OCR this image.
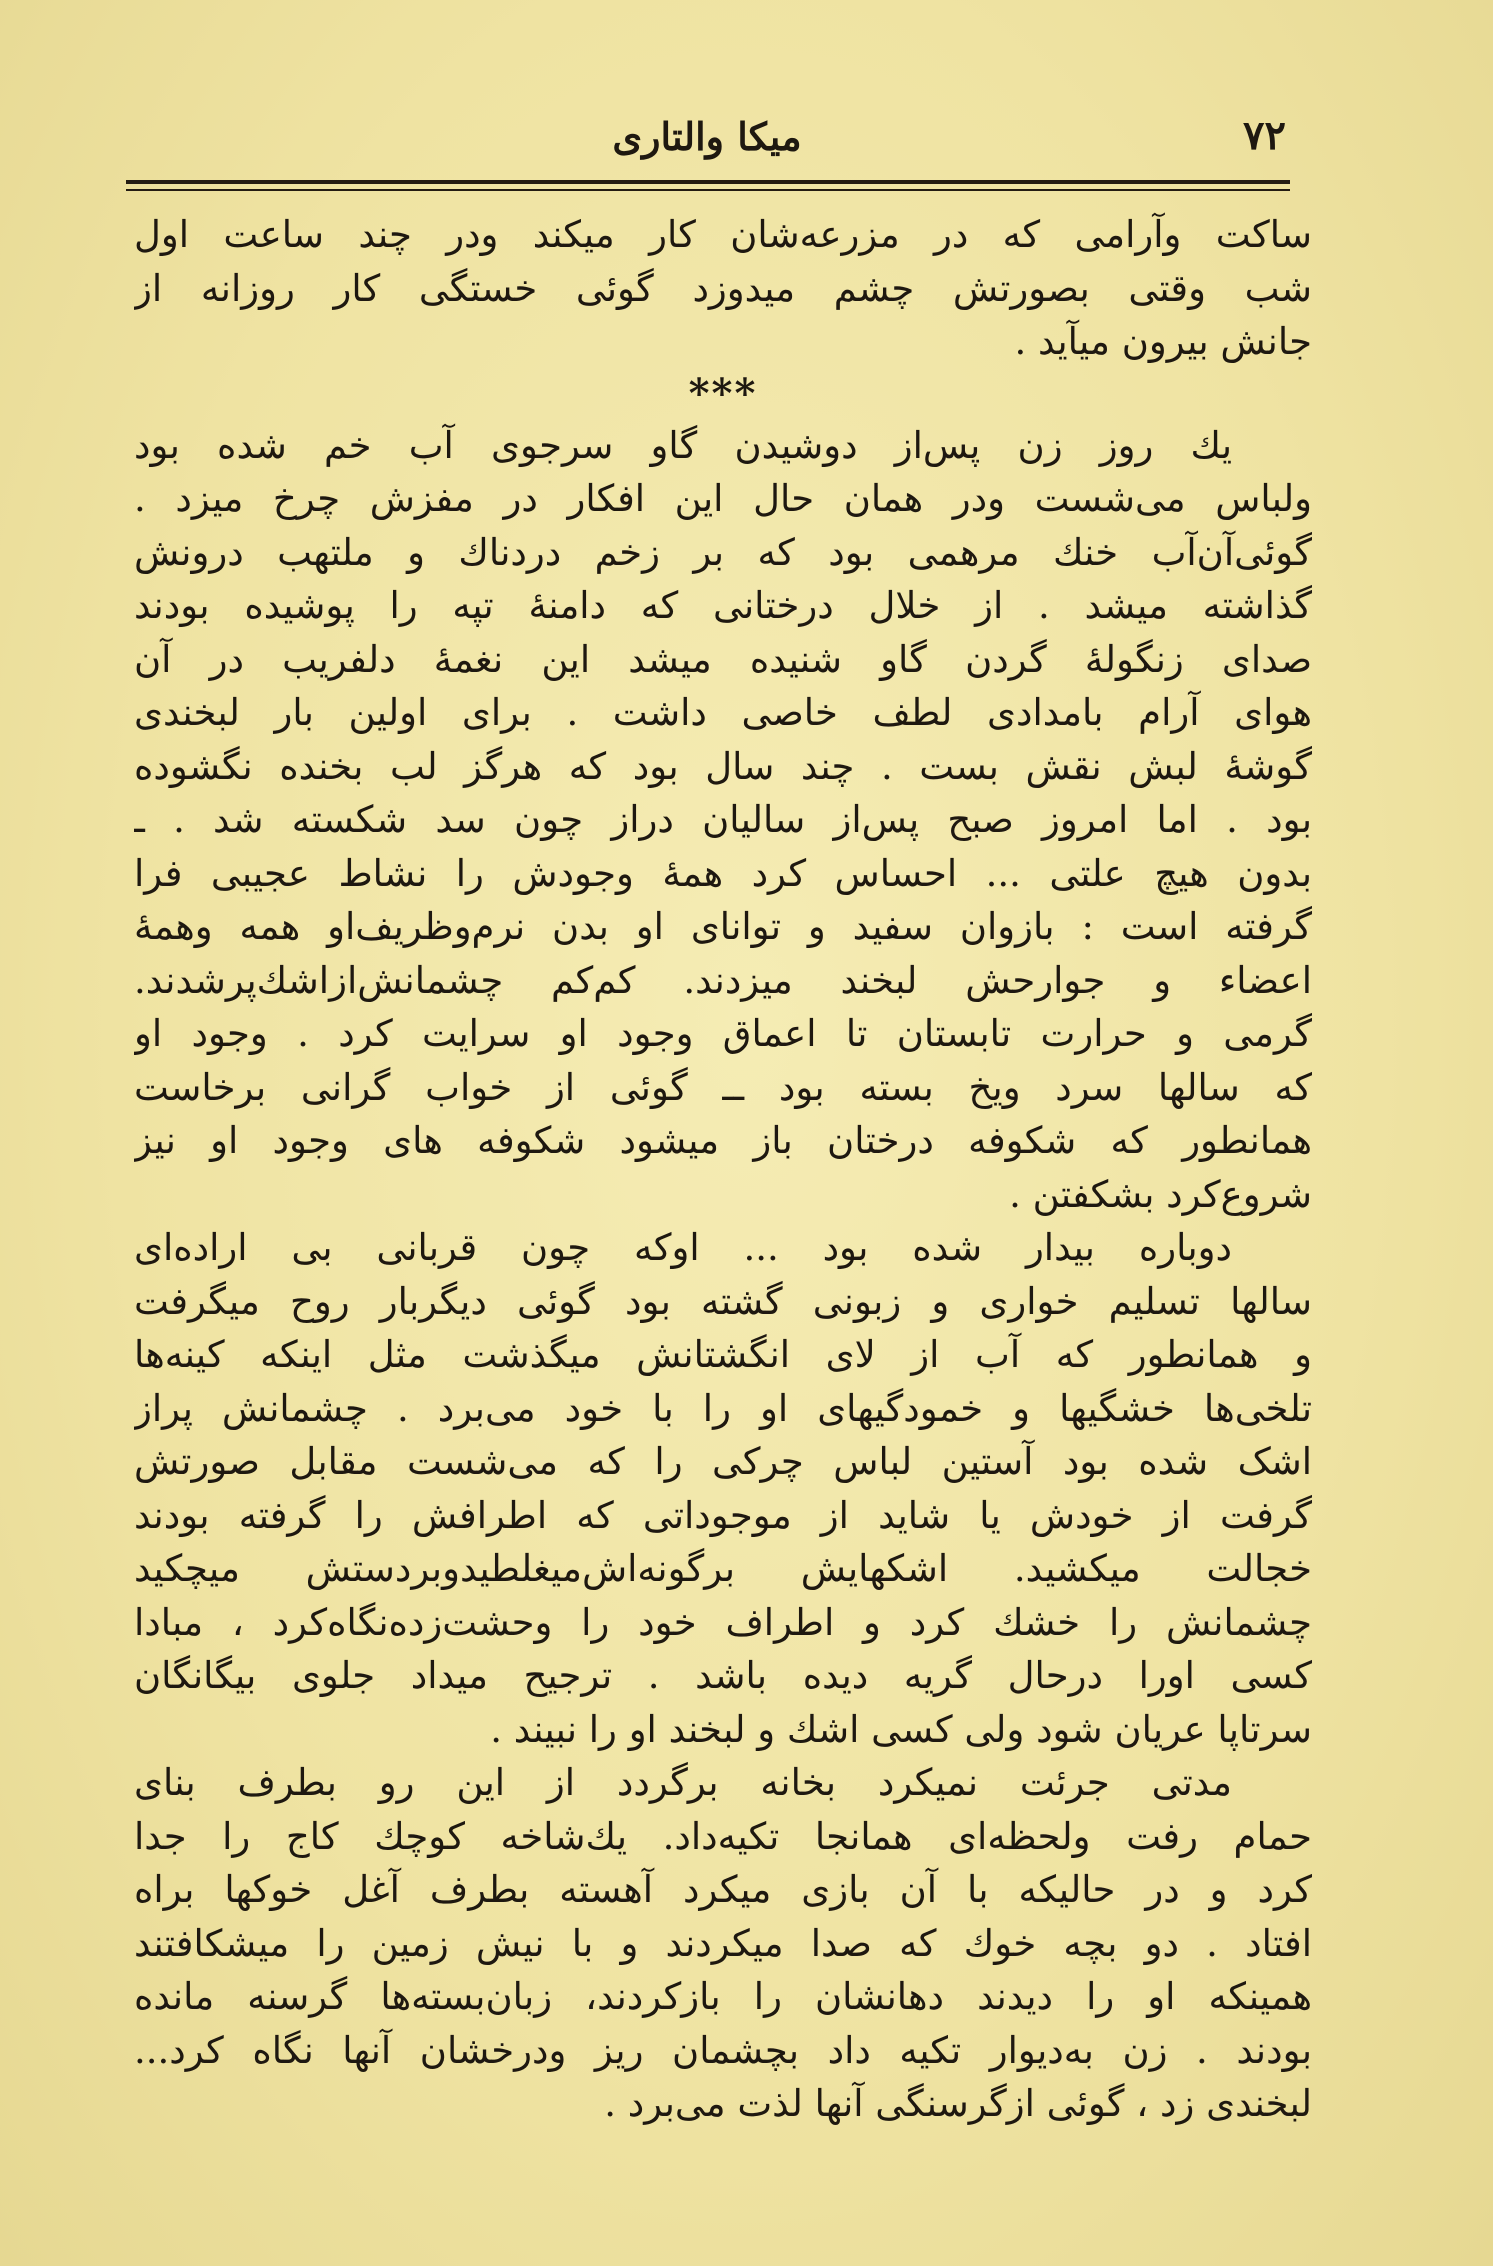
۷۲
میکا والتاری
ساکت وآرامی که در مزرعه‌شان کار میکند ودر چند ساعت اول
شب وقتی بصورتش چشم میدوزد گوئی خستگی کار روزانه از
جانش بیرون میآید .
***
یك روز زن پس‌از دوشیدن گاو سرجوی آب خم شده بود
ولباس می‌شست ودر همان حال این افکار در مفزش چرخ میزد .
گوئی‌آن‌آب خنك مرهمی بود که بر زخم دردناك و ملتهب درونش
گذاشته میشد . از خلال درختانی که دامنهٔ تپه را پوشیده بودند
صدای زنگولهٔ گردن گاو شنیده میشد این نغمهٔ دلفریب در آن
هوای آرام بامدادی لطف خاصی داشت . برای اولین بار لبخندی
گوشهٔ لبش نقش بست . چند سال بود که هرگز لب بخنده نگشوده
بود . اما امروز صبح پس‌از سالیان دراز چون سد شکسته شد . ـ
بدون هیچ علتی ... احساس کرد همهٔ وجودش را نشاط عجیبی فرا
گرفته است : بازوان سفید و توانای او بدن نرم‌وظریف‌او همه وهمهٔ
اعضاء و جوارحش لبخند میزدند. کم‌کم چشمانش‌ازاشك‌پرشدند.
گرمی و حرارت تابستان تا اعماق وجود او سرایت کرد . وجود او
که سالها سرد ویخ بسته بود ــ گوئی از خواب گرانی برخاست
همانطور که شکوفه درختان باز میشود شکوفه های وجود او نیز
شروع‌کرد بشکفتن .
دوباره بیدار شده بود ... اوکه چون قربانی بی اراده‌ای
سالها تسلیم خواری و زبونی گشته بود گوئی دیگربار روح میگرفت
و همانطور که آب از لای انگشتانش میگذشت مثل اینکه کینه‌ها
تلخی‌ها خشگیها و خمودگیهای او را با خود می‌برد . چشمانش پراز
اشک شده بود آستین لباس چرکی را که می‌شست مقابل صورتش
گرفت از خودش یا شاید از موجوداتی که اطرافش را گرفته بودند
خجالت میکشید. اشکهایش برگونه‌اش‌میغلطیدوبردستش میچکید
چشمانش را خشك کرد و اطراف خود را وحشت‌زده‌نگاه‌کرد ، مبادا
کسی اورا درحال گریه دیده باشد . ترجیح میداد جلوی بیگانگان
سرتاپا عریان شود ولی کسی اشك و لبخند او را نبیند .
مدتی جرئت نمیکرد بخانه برگردد از این رو بطرف بنای
حمام رفت ولحظه‌ای همانجا تکیه‌داد. یك‌شاخه کوچك کاج را جدا
کرد و در حالیکه با آن بازی میکرد آهسته بطرف آغل خوکها براه
افتاد . دو بچه خوك که صدا میکردند و با نیش زمین را میشکافتند
همینکه او را دیدند دهانشان را بازکردند، زبان‌بسته‌ها گرسنه مانده
بودند . زن به‌دیوار تکیه داد بچشمان ریز ودرخشان آنها نگاه کرد...
لبخندی زد ، گوئی ازگرسنگی آنها لذت می‌برد .
